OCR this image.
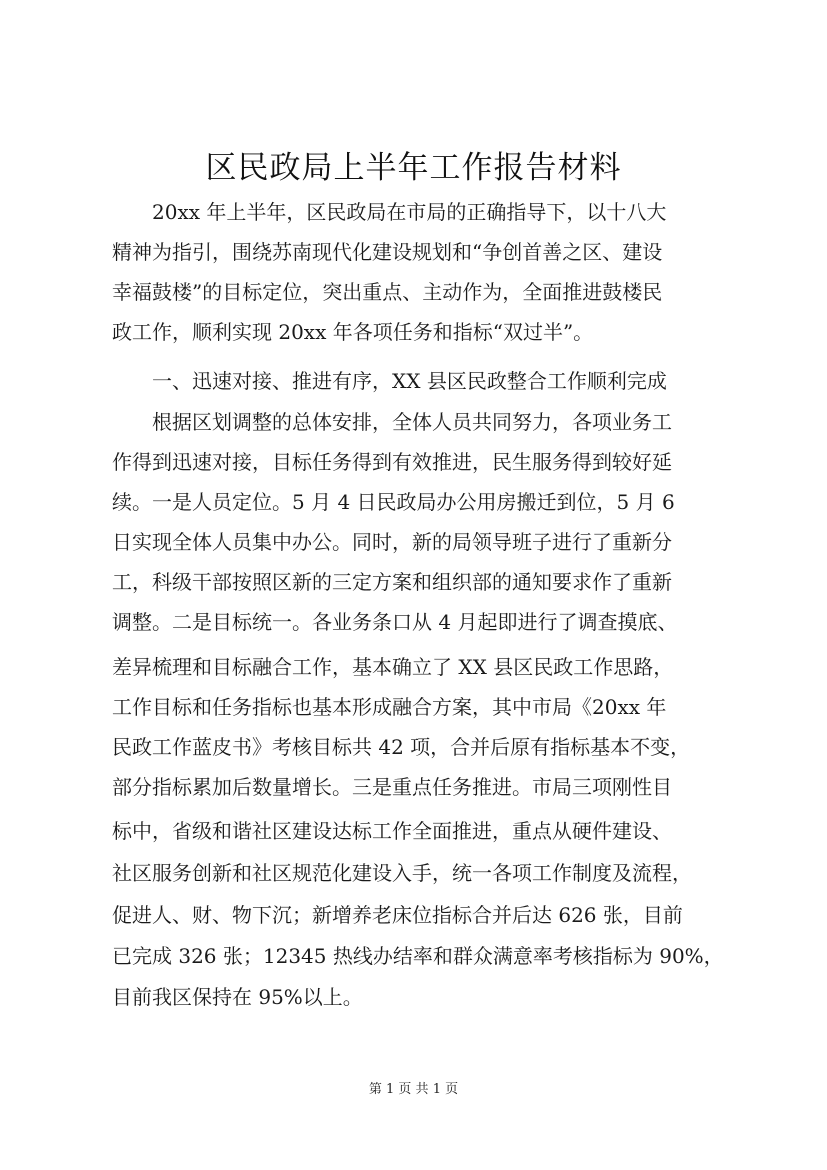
区民政局上半年工作报告材料
20xx 年上半年，区民政局在市局的正确指导下，以十八大
精神为指引，围绕苏南现代化建设规划和“争创首善之区、建设
幸福鼓楼”的目标定位，突出重点、主动作为，全面推进鼓楼民
政工作，顺利实现 20xx 年各项任务和指标“双过半”。
一、迅速对接、推进有序，XX 县区民政整合工作顺利完成
根据区划调整的总体安排，全体人员共同努力，各项业务工
作得到迅速对接，目标任务得到有效推进，民生服务得到较好延
续。一是人员定位。5 月 4 日民政局办公用房搬迁到位，5 月 6
日实现全体人员集中办公。同时，新的局领导班子进行了重新分
工，科级干部按照区新的三定方案和组织部的通知要求作了重新
调整。二是目标统一。各业务条口从 4 月起即进行了调查摸底、
差异梳理和目标融合工作，基本确立了 XX 县区民政工作思路，
工作目标和任务指标也基本形成融合方案，其中市局《20xx 年
民政工作蓝皮书》考核目标共 42 项，合并后原有指标基本不变，
部分指标累加后数量增长。三是重点任务推进。市局三项刚性目
标中，省级和谐社区建设达标工作全面推进，重点从硬件建设、
社区服务创新和社区规范化建设入手，统一各项工作制度及流程，
促进人、财、物下沉；新增养老床位指标合并后达 626 张，目前
已完成 326 张；12345 热线办结率和群众满意率考核指标为 90%，
目前我区保持在 95%以上。
第 1 页 共 1 页
